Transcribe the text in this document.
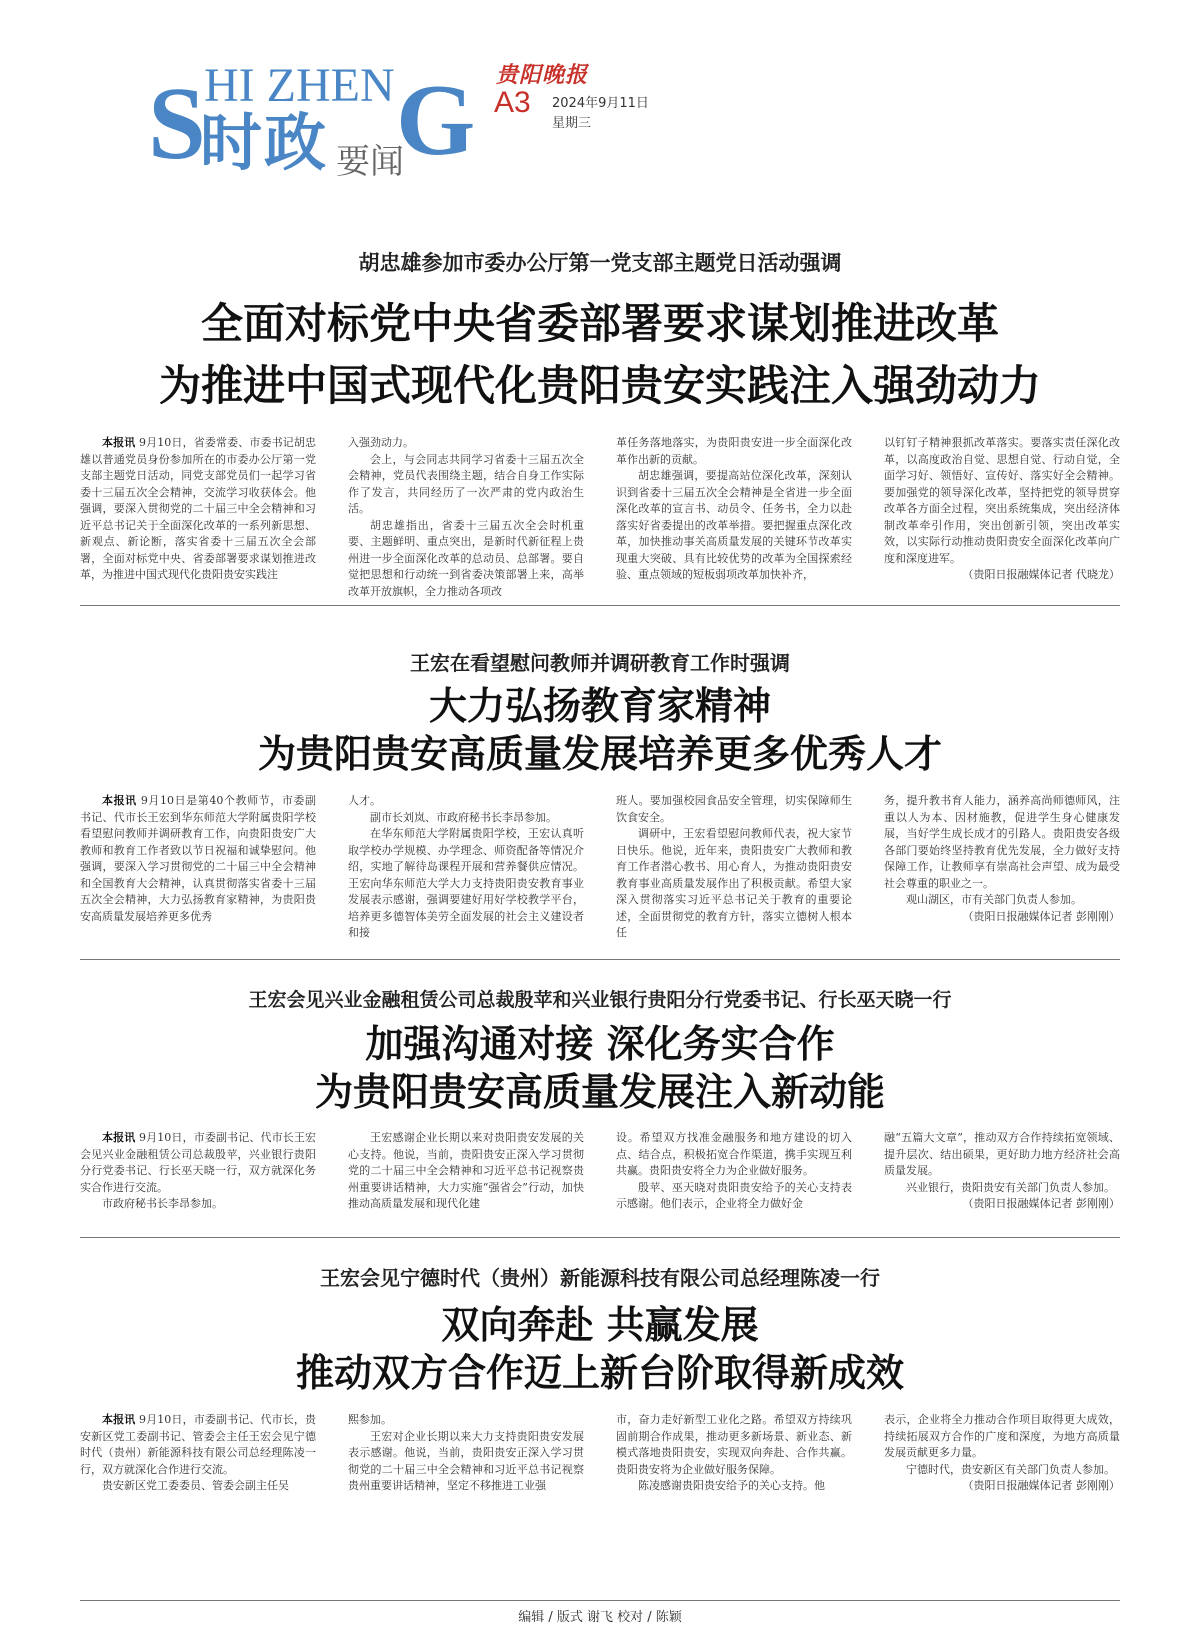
S
HI ZHEN G
时政 要闻
贵阳晚报
A3 2024年9月11日
星期三
胡忠雄参加市委办公厅第一党支部主题党日活动强调
全面对标党中央省委部署要求谋划推进改革
为推进中国式现代化贵阳贵安实践注入强劲动力

本报讯 9月10日，省委常委、市委书记胡忠雄以普通党员身份参加所在的市委办公厅第一党支部主题党日活动，同党支部党员们一起学习省委十三届五次全会精神，交流学习收获体会。他强调，要深入贯彻党的二十届三中全会精神和习近平总书记关于全面深化改革的一系列新思想、新观点、新论断，落实省委十三届五次全会部署，全面对标党中央、省委部署要求谋划推进改革，为推进中国式现代化贵阳贵安实践注

入强劲动力。

会上，与会同志共同学习省委十三届五次全会精神，党员代表围绕主题，结合自身工作实际作了发言，共同经历了一次严肃的党内政治生活。

胡忠雄指出，省委十三届五次全会时机重要、主题鲜明、重点突出，是新时代新征程上贵州进一步全面深化改革的总动员、总部署。要自觉把思想和行动统一到省委决策部署上来，高举改革开放旗帜，全力推动各项改

革任务落地落实，为贵阳贵安进一步全面深化改革作出新的贡献。

胡忠雄强调，要提高站位深化改革，深刻认识到省委十三届五次全会精神是全省进一步全面深化改革的宣言书、动员令、任务书，全力以赴落实好省委提出的改革举措。要把握重点深化改革，加快推动事关高质量发展的关键环节改革实现重大突破、具有比较优势的改革为全国探索经验、重点领域的短板弱项改革加快补齐，

以钉钉子精神狠抓改革落实。要落实责任深化改革，以高度政治自觉、思想自觉、行动自觉，全面学习好、领悟好、宣传好、落实好全会精神。要加强党的领导深化改革，坚持把党的领导贯穿改革各方面全过程，突出系统集成，突出经济体制改革牵引作用，突出创新引领，突出改革实效，以实际行动推动贵阳贵安全面深化改革向广度和深度进军。

（贵阳日报融媒体记者 代晓龙）
王宏在看望慰问教师并调研教育工作时强调
大力弘扬教育家精神
为贵阳贵安高质量发展培养更多优秀人才

本报讯 9月10日是第40个教师节，市委副书记、代市长王宏到华东师范大学附属贵阳学校看望慰问教师并调研教育工作，向贵阳贵安广大教师和教育工作者致以节日祝福和诚挚慰问。他强调，要深入学习贯彻党的二十届三中全会精神和全国教育大会精神，认真贯彻落实省委十三届五次全会精神，大力弘扬教育家精神，为贵阳贵安高质量发展培养更多优秀

人才。

副市长刘岚、市政府秘书长李昂参加。

在华东师范大学附属贵阳学校，王宏认真听取学校办学规模、办学理念、师资配备等情况介绍，实地了解待岛课程开展和营养餐供应情况。王宏向华东师范大学大力支持贵阳贵安教育事业发展表示感谢，强调要建好用好学校教学平台，培养更多德智体美劳全面发展的社会主义建设者和接

班人。要加强校园食品安全管理，切实保障师生饮食安全。

调研中，王宏看望慰问教师代表，祝大家节日快乐。他说，近年来，贵阳贵安广大教师和教育工作者潜心教书、用心育人，为推动贵阳贵安教育事业高质量发展作出了积极贡献。希望大家深入贯彻落实习近平总书记关于教育的重要论述，全面贯彻党的教育方针，落实立德树人根本任

务，提升教书育人能力，涵养高尚师德师风，注重以人为本、因材施教，促进学生身心健康发展，当好学生成长成才的引路人。贵阳贵安各级各部门要始终坚持教育优先发展，全力做好支持保障工作，让教师享有崇高社会声望、成为最受社会尊重的职业之一。

观山湖区，市有关部门负责人参加。

（贵阳日报融媒体记者 彭刚刚）
王宏会见兴业金融租赁公司总裁殷苹和兴业银行贵阳分行党委书记、行长巫天晓一行
加强沟通对接 深化务实合作
为贵阳贵安高质量发展注入新动能

本报讯 9月10日，市委副书记、代市长王宏会见兴业金融租赁公司总裁殷苹，兴业银行贵阳分行党委书记、行长巫天晓一行，双方就深化务实合作进行交流。

市政府秘书长李昂参加。

王宏感谢企业长期以来对贵阳贵安发展的关心支持。他说，当前，贵阳贵安正深入学习贯彻党的二十届三中全会精神和习近平总书记视察贵州重要讲话精神，大力实施“强省会”行动，加快推动高质量发展和现代化建

设。希望双方找准金融服务和地方建设的切入点、结合点，积极拓宽合作渠道，携手实现互利共赢。贵阳贵安将全力为企业做好服务。

殷苹、巫天晓对贵阳贵安给予的关心支持表示感谢。他们表示，企业将全力做好金

融“五篇大文章”，推动双方合作持续拓宽领域、提升层次、结出硕果，更好助力地方经济社会高质量发展。

兴业银行，贵阳贵安有关部门负责人参加。

（贵阳日报融媒体记者 彭刚刚）
王宏会见宁德时代（贵州）新能源科技有限公司总经理陈凌一行
双向奔赴 共赢发展
推动双方合作迈上新台阶取得新成效

本报讯 9月10日，市委副书记、代市长，贵安新区党工委副书记、管委会主任王宏会见宁德时代（贵州）新能源科技有限公司总经理陈凌一行，双方就深化合作进行交流。

贵安新区党工委委员、管委会副主任吴

熙参加。

王宏对企业长期以来大力支持贵阳贵安发展表示感谢。他说，当前，贵阳贵安正深入学习贯彻党的二十届三中全会精神和习近平总书记视察贵州重要讲话精神，坚定不移推进工业强

市，奋力走好新型工业化之路。希望双方持续巩固前期合作成果，推动更多新场景、新业态、新模式落地贵阳贵安，实现双向奔赴、合作共赢。贵阳贵安将为企业做好服务保障。

陈凌感谢贵阳贵安给予的关心支持。他

表示，企业将全力推动合作项目取得更大成效，持续拓展双方合作的广度和深度，为地方高质量发展贡献更多力量。

宁德时代，贵安新区有关部门负责人参加。

（贵阳日报融媒体记者 彭刚刚）
编辑 / 版式 谢飞 校对 / 陈颖
